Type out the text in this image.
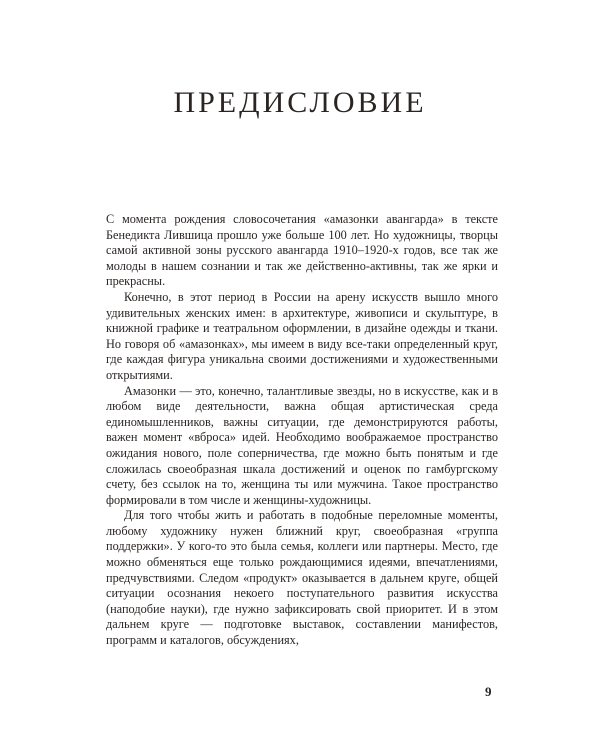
ПРЕДИСЛОВИЕ

С момента рождения словосочетания «амазонки авангарда» в тексте Бенедикта Лившица прошло уже больше 100 лет. Но художницы, творцы самой активной зоны русского авангарда 1910–1920-х годов, все так же молоды в нашем сознании и так же действенно-активны, так же ярки и прекрасны.

Конечно, в этот период в России на арену искусств вышло много удивительных женских имен: в архитектуре, живописи и скульптуре, в книжной графике и театральном оформлении, в дизайне одежды и ткани. Но говоря об «амазонках», мы имеем в виду все-таки определенный круг, где каждая фигура уникальна своими достижениями и художественными открытиями.

Амазонки — это, конечно, талантливые звезды, но в искусстве, как и в любом виде деятельности, важна общая артистическая среда единомышленников, важны ситуации, где демонстрируются работы, важен момент «вброса» идей. Необходимо воображаемое пространство ожидания нового, поле соперничества, где можно быть понятым и где сложилась своеобразная шкала достижений и оценок по гамбургскому счету, без ссылок на то, женщина ты или мужчина. Такое пространство формировали в том числе и женщины-художницы.

Для того чтобы жить и работать в подобные переломные моменты, любому художнику нужен ближний круг, своеобразная «группа поддержки». У кого-то это была семья, коллеги или партнеры. Место, где можно обменяться еще только рождающимися идеями, впечатлениями, предчувствиями. Следом «продукт» оказывается в дальнем круге, общей ситуации осознания некоего поступательного развития искусства (наподобие науки), где нужно зафиксировать свой приоритет. И в этом дальнем круге — подготовке выставок, составлении манифестов, программ и каталогов, обсуждениях,

9
